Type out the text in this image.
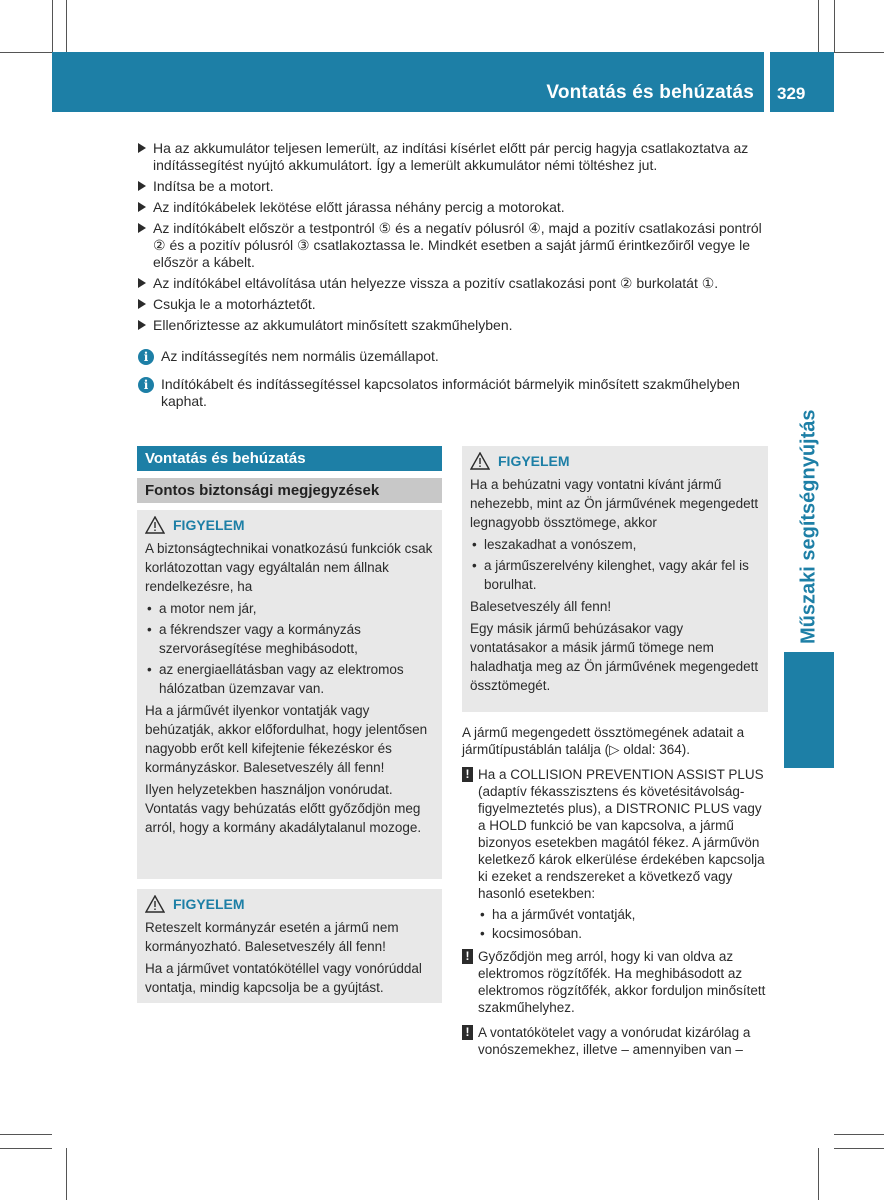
Vontatás és behúzatás 329
Műszaki segítségnyújtás
Ha az akkumulátor teljesen lemerült, az indítási kísérlet előtt pár percig hagyja csatlakoztatva az indítássegítést nyújtó akkumulátort. Így a lemerült akkumulátor némi töltéshez jut.
Indítsa be a motort.
Az indítókábelek lekötése előtt járassa néhány percig a motorokat.
Az indítókábelt először a testpontról ⑤ és a negatív pólusról ④, majd a pozitív csatlakozási pontról ② és a pozitív pólusról ③ csatlakoztassa le. Mindkét esetben a saját jármű érintkezőiről vegye le először a kábelt.
Az indítókábel eltávolítása után helyezze vissza a pozitív csatlakozási pont ② burkolatát ①.
Csukja le a motorháztetőt.
Ellenőriztesse az akkumulátort minősített szakműhelyben.
i Az indítássegítés nem normális üzemállapot.
i Indítókábelt és indítássegítéssel kapcsolatos információt bármelyik minősített szakműhelyben kaphat.
Vontatás és behúzatás
Fontos biztonsági megjegyzések
FIGYELEM

A biztonságtechnikai vonatkozású funkciók csak korlátozottan vagy egyáltalán nem állnak rendelkezésre, ha

• a motor nem jár,
• a fékrendszer vagy a kormányzás szervorásegítése meghibásodott,
• az energiaellátásban vagy az elektromos hálózatban üzemzavar van.

Ha a járművét ilyenkor vontatják vagy behúzatják, akkor előfordulhat, hogy jelentősen nagyobb erőt kell kifejtenie fékezéskor és kormányzáskor. Balesetveszély áll fenn!

Ilyen helyzetekben használjon vonórudat. Vontatás vagy behúzatás előtt győződjön meg arról, hogy a kormány akadálytalanul mozoge.

FIGYELEM

Reteszelt kormányzár esetén a jármű nem kormányozható. Balesetveszély áll fenn!

Ha a járművet vontatókötéllel vagy vonórúddal vontatja, mindig kapcsolja be a gyújtást.

FIGYELEM

Ha a behúzatni vagy vontatni kívánt jármű nehezebb, mint az Ön járművének megengedett legnagyobb össztömege, akkor

• leszakadhat a vonószem,
• a járműszerelvény kilenghet, vagy akár fel is borulhat.

Balesetveszély áll fenn!

Egy másik jármű behúzásakor vagy vontatásakor a másik jármű tömege nem haladhatja meg az Ön járművének megengedett össztömegét.

A jármű megengedett össztömegének adatait a járműtípustáblán találja (▷ oldal: 364).

! Ha a COLLISION PREVENTION ASSIST PLUS (adaptív fékasszisztens és követésitávolság-figyelmeztetés plus), a DISTRONIC PLUS vagy a HOLD funkció be van kapcsolva, a jármű bizonyos esetekben magától fékez. A járművön keletkező károk elkerülése érdekében kapcsolja ki ezeket a rendszereket a következő vagy hasonló esetekben:

• ha a járművét vontatják,
• kocsimosóban.

! Győződjön meg arról, hogy ki van oldva az elektromos rögzítőfék. Ha meghibásodott az elektromos rögzítőfék, akkor forduljon minősített szakműhelyhez.

! A vontatókötelet vagy a vonórudat kizárólag a vonószemekhez, illetve – amennyiben van –
